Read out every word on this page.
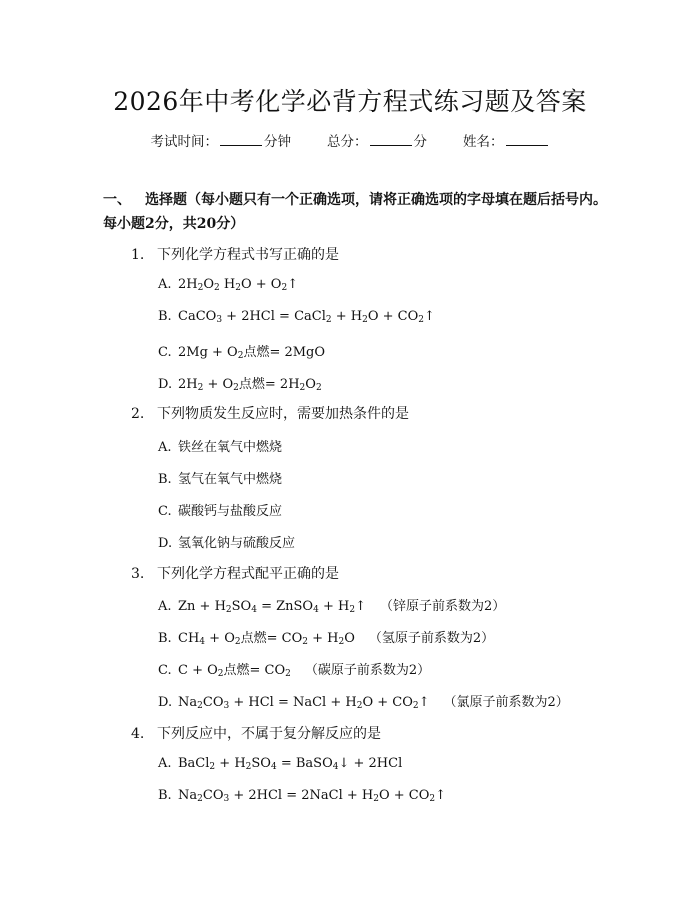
2026年中考化学必背方程式练习题及答案
考试时间：	分钟	总分：	分	姓名：
一、 选择题（每小题只有一个正确选项，请将正确选项的字母填在题后括号内。每小题2分，共20分）
1. 下列化学方程式书写正确的是
A. $2H_2O_2$ $H_2O$ + $O_2↑$
B. CaCO$_3$ + 2HCl = CaCl$_2$ + $H_2O$ + $CO_2↑$
C. $2Mg + O_2$点燃= 2MgO
D. $2H_2 + O_2$点燃= $2H_2O_2$
2. 下列物质发生反应时，需要加热条件的是
A. 铁丝在氧气中燃烧
B. 氢气在氧气中燃烧
C. 碳酸钙与盐酸反应
D. 氢氧化钠与硫酸反应
3. 下列化学方程式配平正确的是
A. $Zn + H_2SO_4$ = ZnSO$_4$ + $H_2↑$ （锌原子前系数为2）
B. $CH_4 + O_2$点燃= $CO_2 + H_2O$ （氢原子前系数为2）
C. $C + O_2$点燃= $CO_2$ （碳原子前系数为2）
D. $Na_2CO_3$ + HCl = NaCl + $H_2O$ + $CO_2↑$ （氯原子前系数为2）
4. 下列反应中，不属于复分解反应的是
A. BaCl$_2$ + $H_2SO_4$ = BaSO$_4$↓ + 2HCl
B. $Na_2CO_3 + 2HCl$ = 2NaCl + $H_2O$ + $CO_2↑$
